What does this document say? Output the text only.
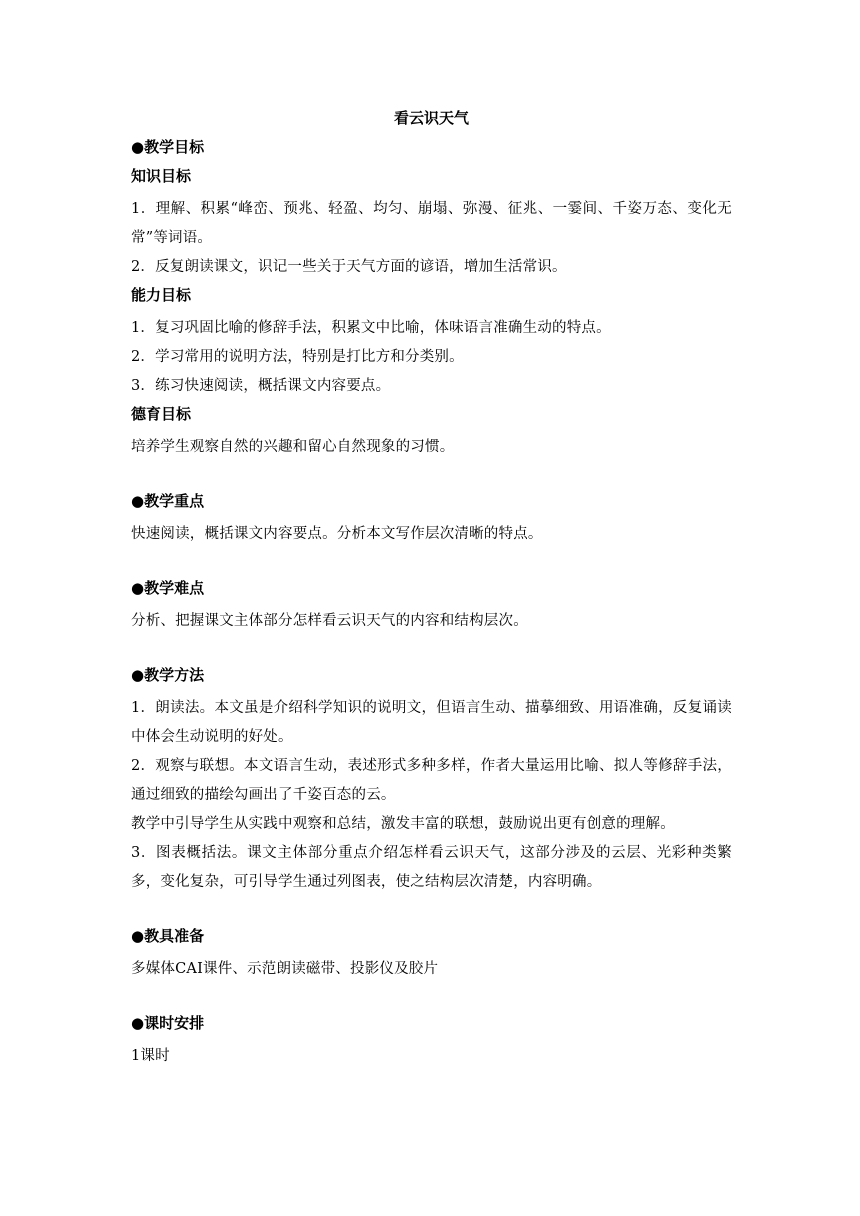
看云识天气
●教学目标
知识目标

1．理解、积累“峰峦、预兆、轻盈、均匀、崩塌、弥漫、征兆、一霎间、千姿万态、变化无常”等词语。

2．反复朗读课文，识记一些关于天气方面的谚语，增加生活常识。

能力目标

1．复习巩固比喻的修辞手法，积累文中比喻，体味语言准确生动的特点。

2．学习常用的说明方法，特别是打比方和分类别。

3．练习快速阅读，概括课文内容要点。

德育目标

培养学生观察自然的兴趣和留心自然现象的习惯。

●教学重点

快速阅读，概括课文内容要点。分析本文写作层次清晰的特点。

●教学难点

分析、把握课文主体部分怎样看云识天气的内容和结构层次。

●教学方法

1．朗读法。本文虽是介绍科学知识的说明文，但语言生动、描摹细致、用语准确，反复诵读中体会生动说明的好处。

2．观察与联想。本文语言生动，表述形式多种多样，作者大量运用比喻、拟人等修辞手法，通过细致的描绘勾画出了千姿百态的云。

教学中引导学生从实践中观察和总结，激发丰富的联想，鼓励说出更有创意的理解。

3．图表概括法。课文主体部分重点介绍怎样看云识天气，这部分涉及的云层、光彩种类繁多，变化复杂，可引导学生通过列图表，使之结构层次清楚，内容明确。

●教具准备

多媒体CAI课件、示范朗读磁带、投影仪及胶片

●课时安排

1课时
